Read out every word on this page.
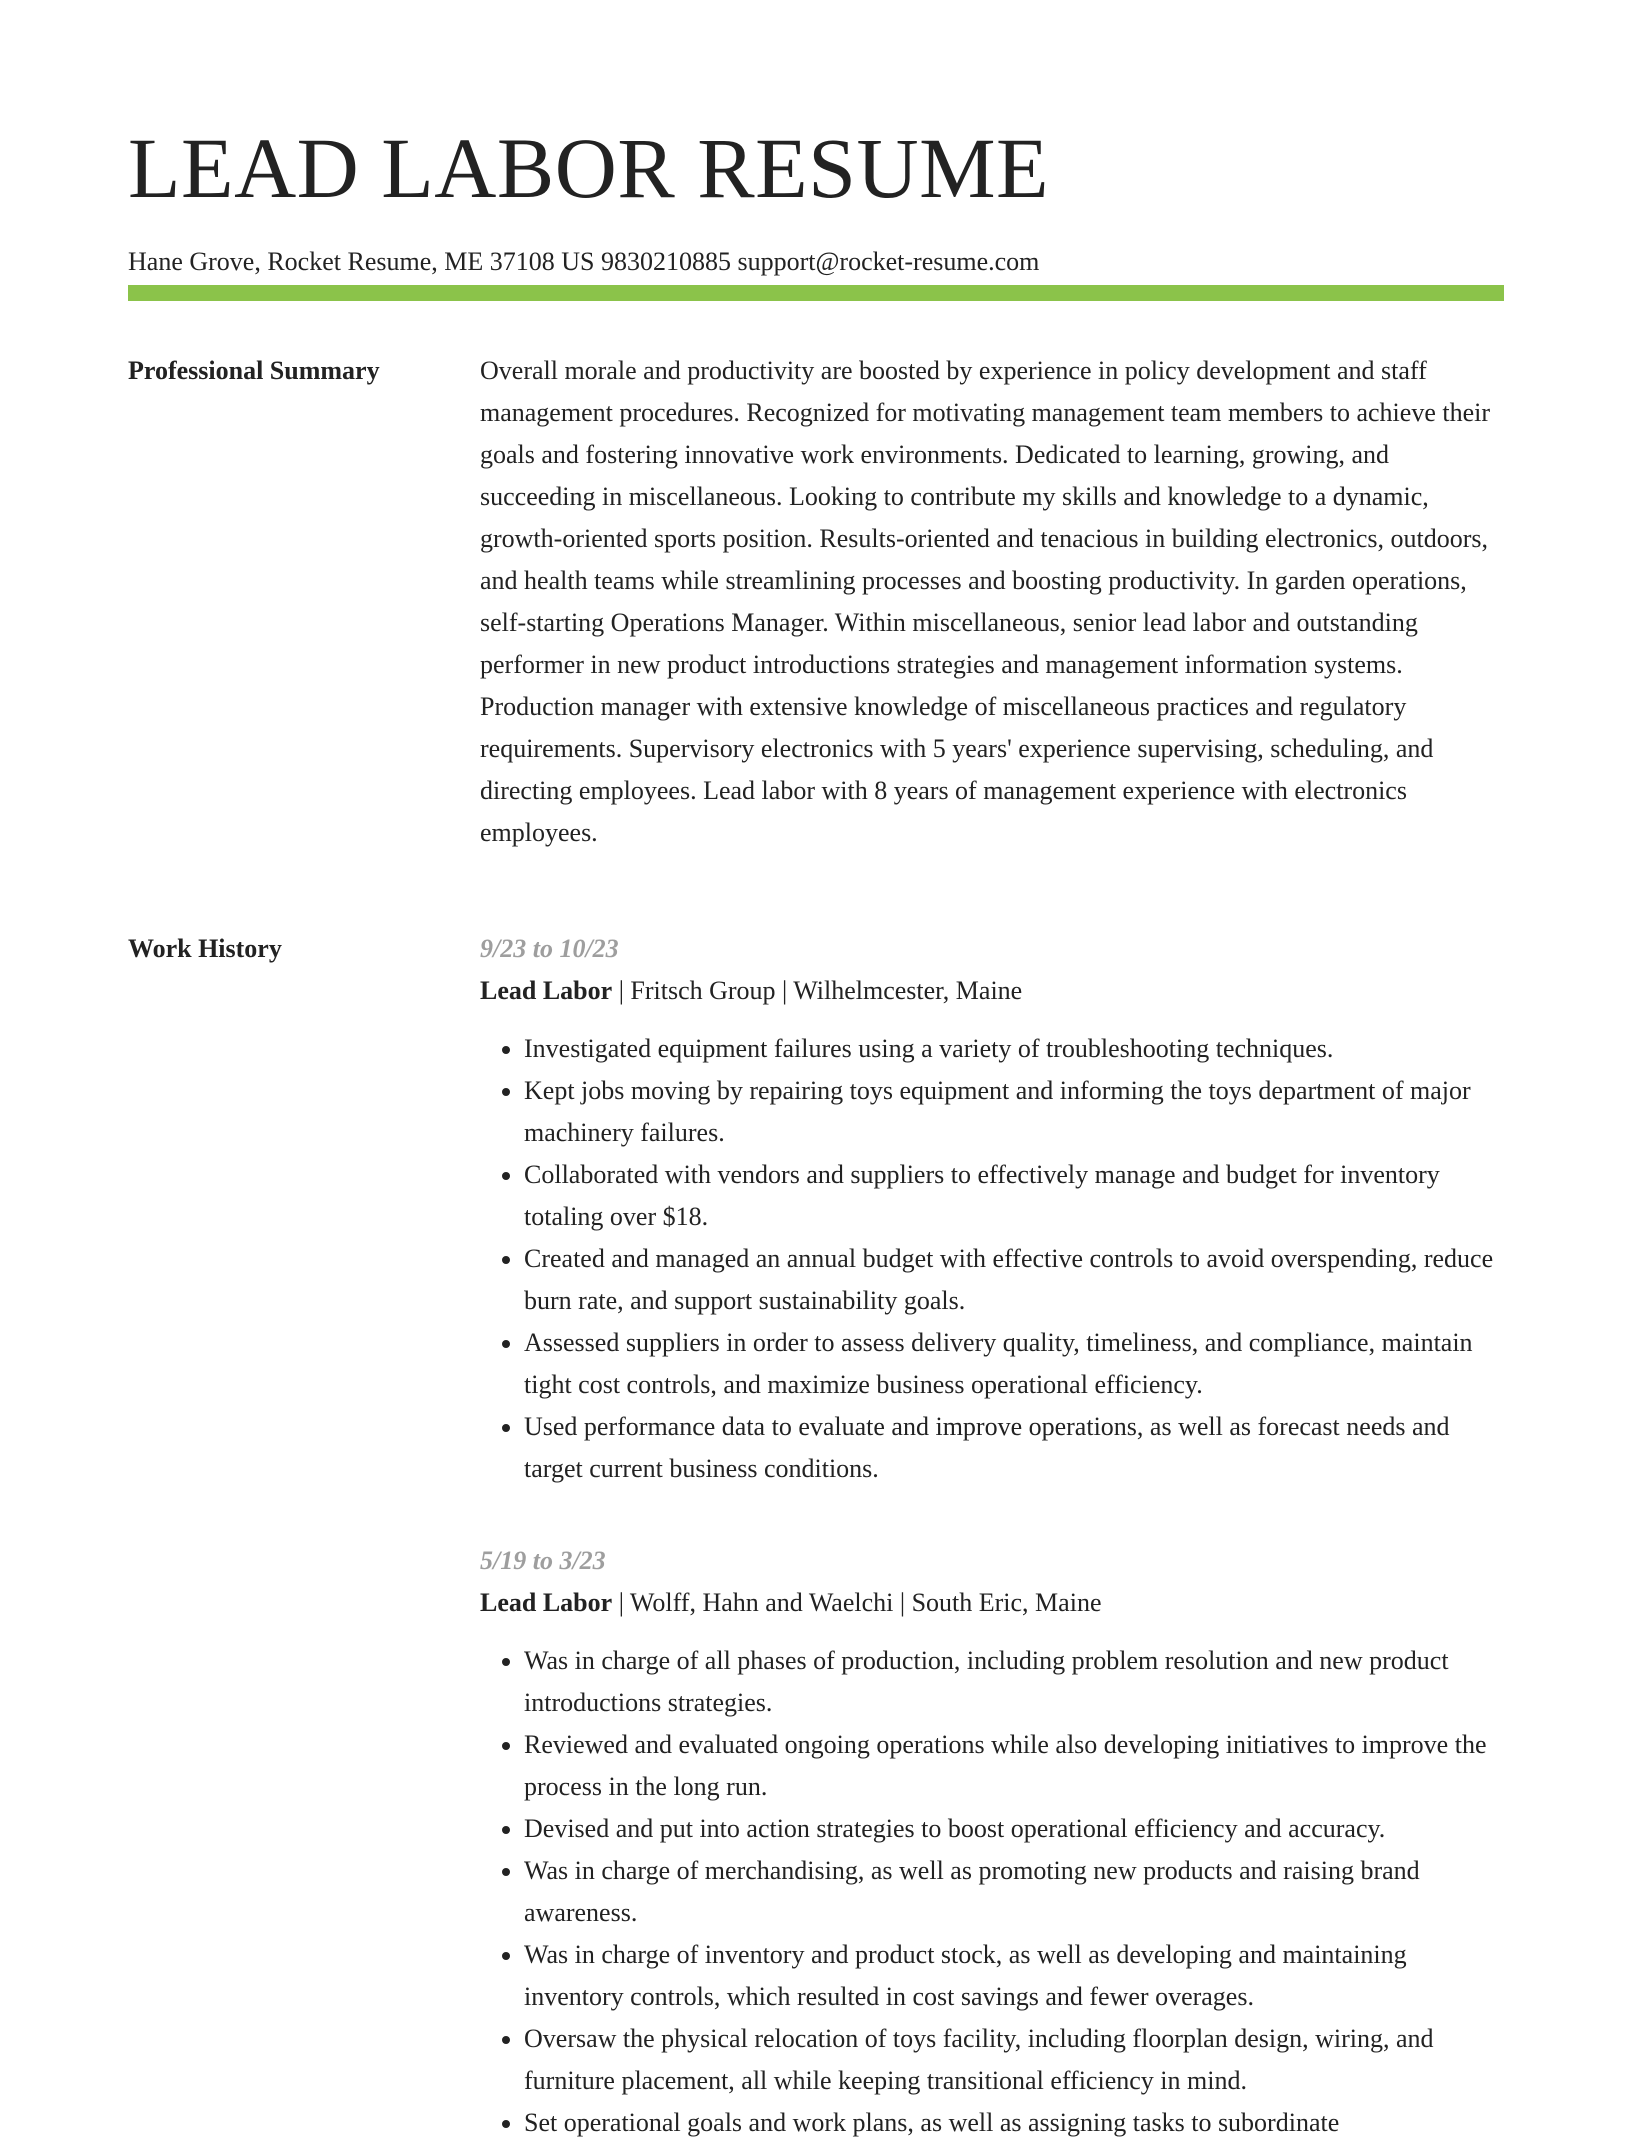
LEAD LABOR RESUME
Hane Grove, Rocket Resume, ME 37108 US 9830210885 support@rocket-resume.com
Professional Summary	Overall morale and productivity are boosted by experience in policy development and staff management procedures. Recognized for motivating management team members to achieve their goals and fostering innovative work environments. Dedicated to learning, growing, and succeeding in miscellaneous. Looking to contribute my skills and knowledge to a dynamic, growth-oriented sports position. Results-oriented and tenacious in building electronics, outdoors, and health teams while streamlining processes and boosting productivity. In garden operations, self-starting Operations Manager. Within miscellaneous, senior lead labor and outstanding performer in new product introductions strategies and management information systems. Production manager with extensive knowledge of miscellaneous practices and regulatory requirements. Supervisory electronics with 5 years' experience supervising, scheduling, and directing employees. Lead labor with 8 years of management experience with electronics employees.

Work History	9/23 to 10/23
Lead Labor | Fritsch Group | Wilhelmcester, Maine
• Investigated equipment failures using a variety of troubleshooting techniques.
• Kept jobs moving by repairing toys equipment and informing the toys department of major machinery failures.
• Collaborated with vendors and suppliers to effectively manage and budget for inventory totaling over $18.
• Created and managed an annual budget with effective controls to avoid overspending, reduce burn rate, and support sustainability goals.
• Assessed suppliers in order to assess delivery quality, timeliness, and compliance, maintain tight cost controls, and maximize business operational efficiency.
• Used performance data to evaluate and improve operations, as well as forecast needs and target current business conditions.
5/19 to 3/23
Lead Labor | Wolff, Hahn and Waelchi | South Eric, Maine
• Was in charge of all phases of production, including problem resolution and new product introductions strategies.
• Reviewed and evaluated ongoing operations while also developing initiatives to improve the process in the long run.
• Devised and put into action strategies to boost operational efficiency and accuracy.
• Was in charge of merchandising, as well as promoting new products and raising brand awareness.
• Was in charge of inventory and product stock, as well as developing and maintaining inventory controls, which resulted in cost savings and fewer overages.
• Oversaw the physical relocation of toys facility, including floorplan design, wiring, and furniture placement, all while keeping transitional efficiency in mind.
• Set operational goals and work plans, as well as assigning tasks to subordinate
